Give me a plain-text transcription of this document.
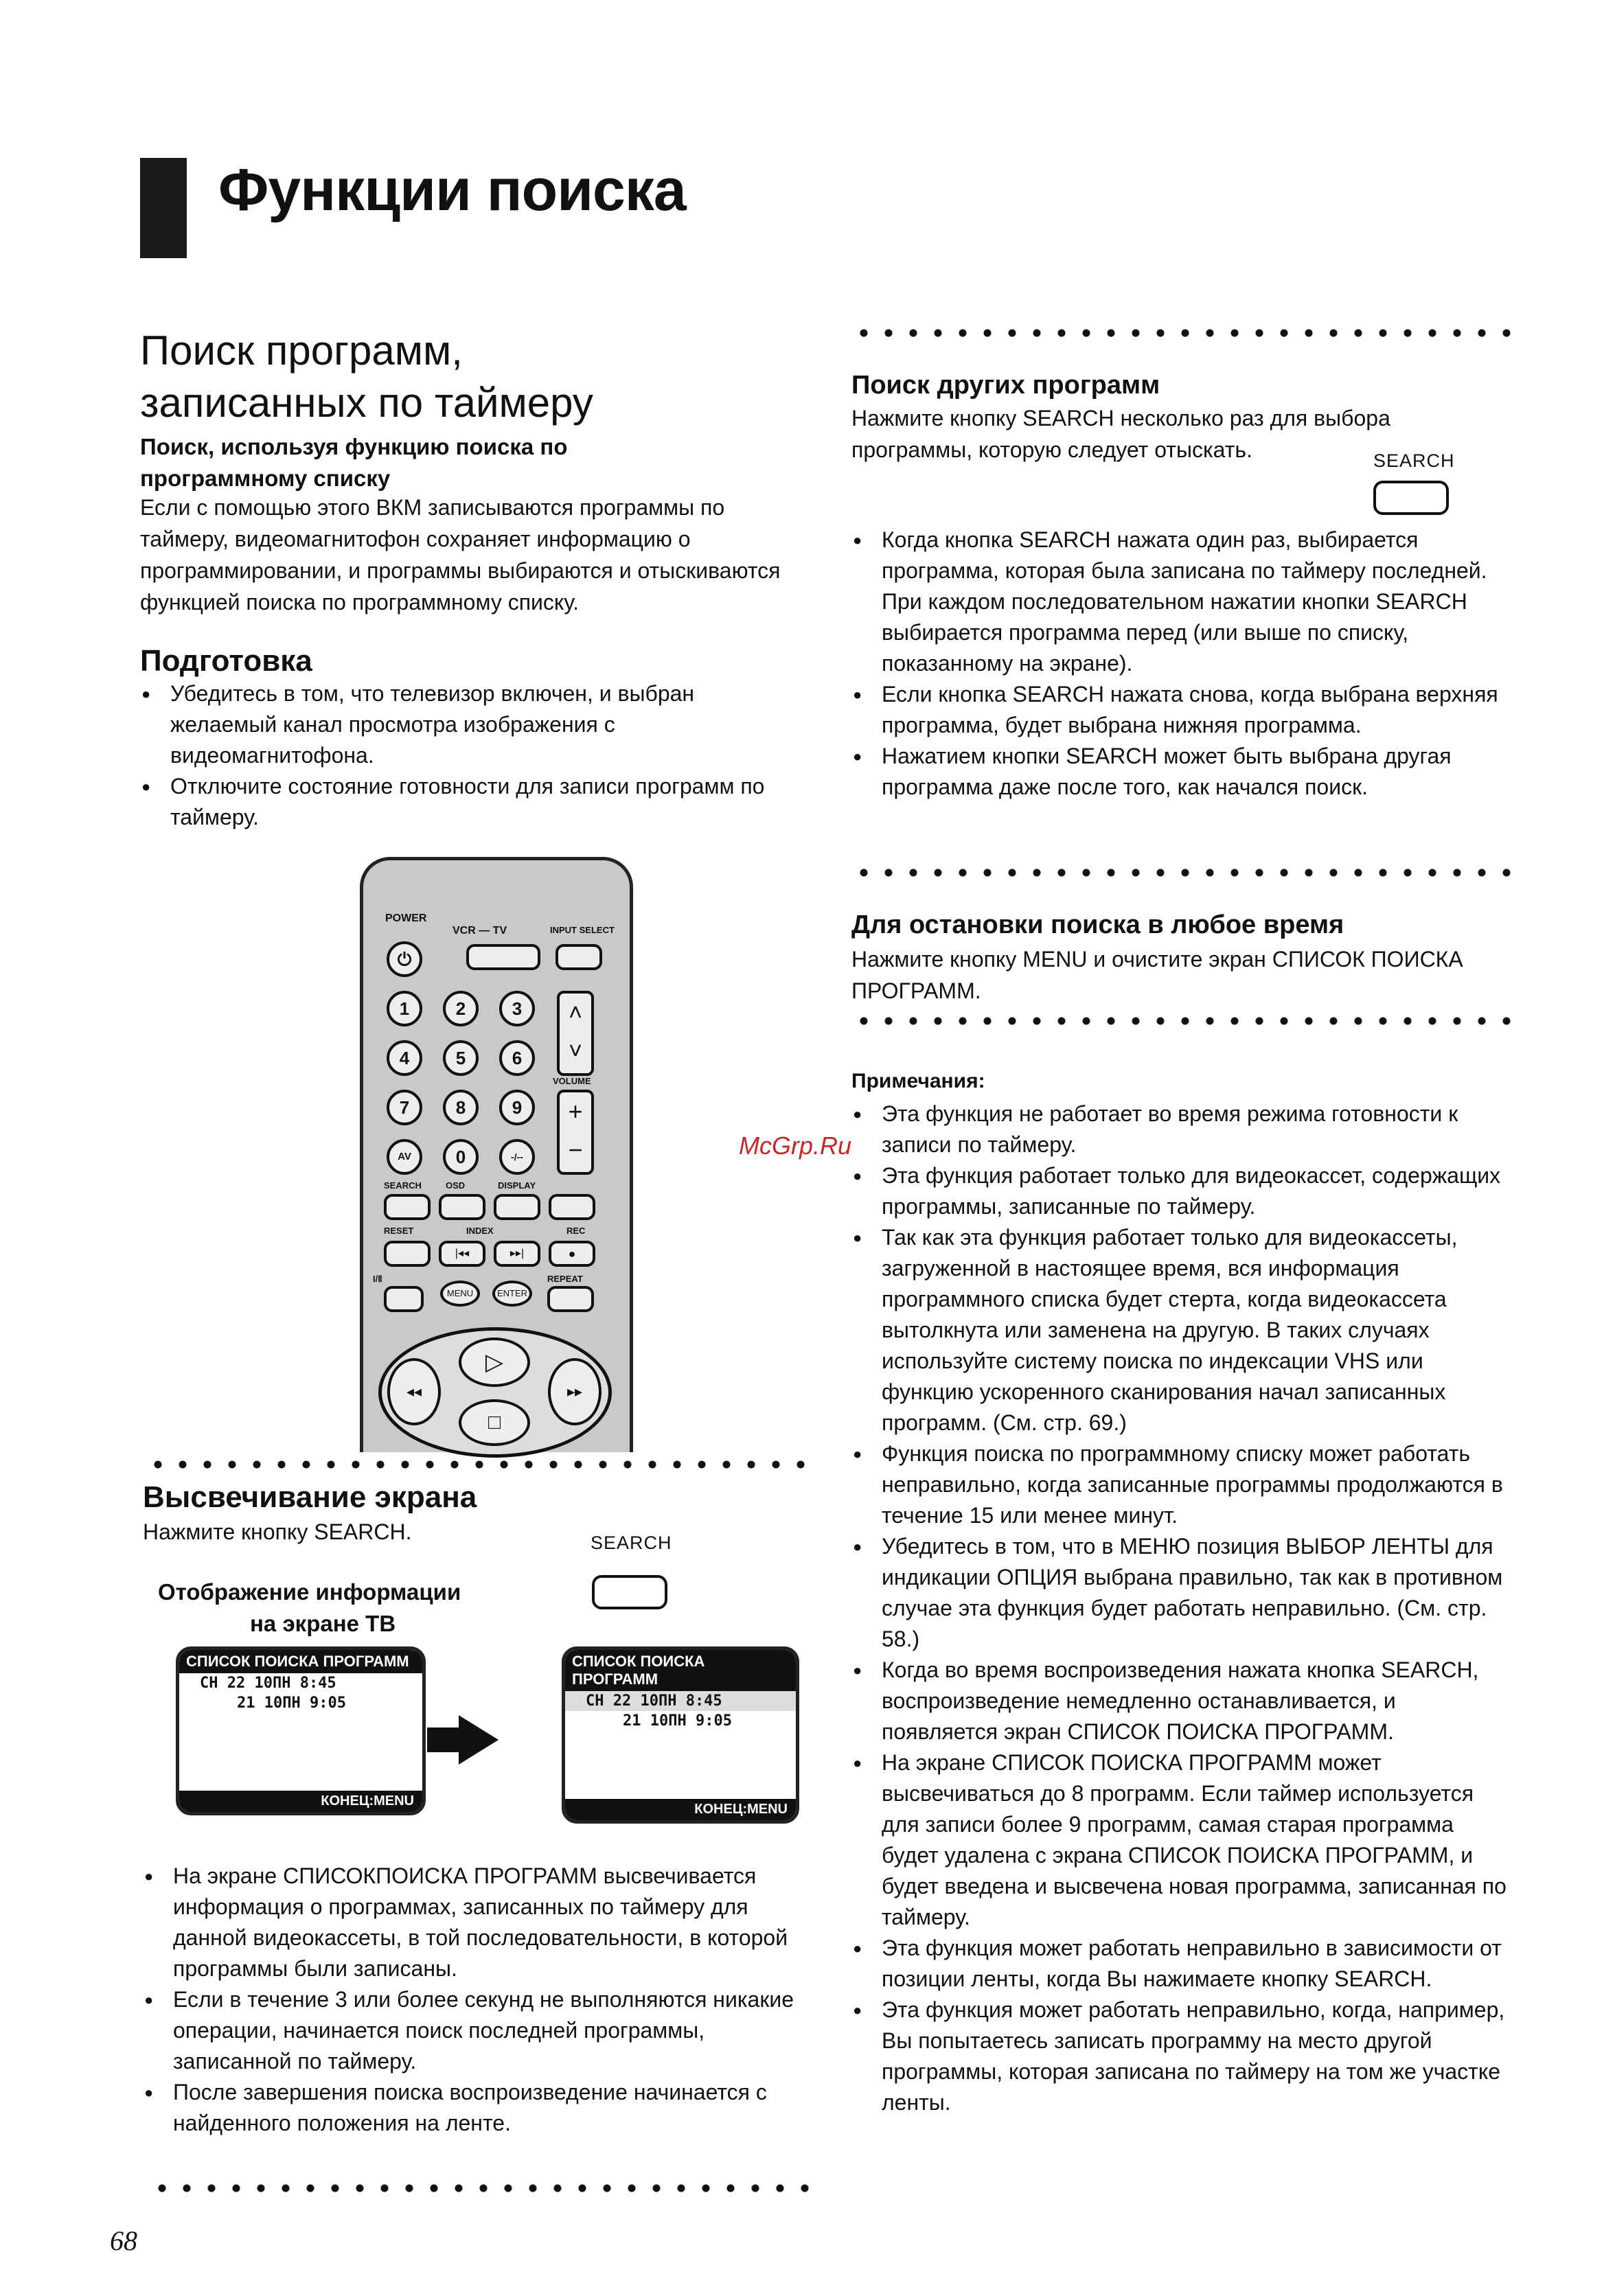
Функции поиска
Поиск программ,
записанных по таймеру
Поиск, используя функцию поиска по программному списку
Если с помощью этого ВКМ записываются программы по таймеру, видеомагнитофон сохраняет информацию о программировании, и программы выбираются и отыскиваются функцией поиска по программному списку.
Подготовка
● Убедитесь в том, что телевизор включен, и выбран желаемый канал просмотра изображения с видеомагнитофона.
● Отключите состояние готовности для записи программ по таймеру.
POWER
VCR — TV	INPUT SELECT
⏻
1	2	3
4	5	6
7	8	9
AV	0	-/--
˄
˅
VOLUME
+
−
SEARCH	OSD	DISPLAY
RESET	INDEX	REC
|◂◂	▸▸|	●
I/Ⅱ
MENU	ENTER
REPEAT
▷
□
◂◂	▸▸
Высвечивание экрана
Нажмите кнопку SEARCH.	SEARCH
Отображение информации
на экране ТВ
СПИСОК ПОИСКА ПРОГРАММ
CH 22 10ПН 8:45
21 10ПН 9:05
КОНЕЦ:MENU
СПИСОК ПОИСКА ПРОГРАММ
CH 22 10ПН 8:45
21 10ПН 9:05
КОНЕЦ:MENU
● На экране СПИСОКПОИСКА ПРОГРАММ высвечивается информация о программах, записанных по таймеру для данной видеокассеты, в той последовательности, в которой программы были записаны.
● Если в течение 3 или более секунд не выполняются никакие операции, начинается поиск последней программы, записанной по таймеру.
● После завершения поиска воспроизведение начинается с найденного положения на ленте.
Поиск других программ
Нажмите кнопку SEARCH несколько раз для выбора программы, которую следует отыскать.	SEARCH
● Когда кнопка SEARCH нажата один раз, выбирается программа, которая была записана по таймеру последней. При каждом последовательном нажатии кнопки SEARCH выбирается программа перед (или выше по списку, показанному на экране).
● Если кнопка SEARCH нажата снова, когда выбрана верхняя программа, будет выбрана нижняя программа.
● Нажатием кнопки SEARCH может быть выбрана другая программа даже после того, как начался поиск.
Для остановки поиска в любое время
Нажмите кнопку MENU и очистите экран СПИСОК ПОИСКА ПРОГРАММ.
Примечания:
● Эта функция не работает во время режима готовности к записи по таймеру.
● Эта функция работает только для видеокассет, содержащих программы, записанные по таймеру.
● Так как эта функция работает только для видеокассеты, загруженной в настоящее время, вся информация программного списка будет стерта, когда видеокассета вытолкнута или заменена на другую. В таких случаях используйте систему поиска по индексации VHS или функцию ускоренного сканирования начал записанных программ. (См. стр. 69.)
● Функция поиска по программному списку может работать неправильно, когда записанные программы продолжаются в течение 15 или менее минут.
● Убедитесь в том, что в МЕНЮ позиция ВЫБОР ЛЕНТЫ для индикации ОПЦИЯ выбрана правильно, так как в противном случае эта функция будет работать неправильно. (См. стр. 58.)
● Когда во время воспроизведения нажата кнопка SEARCH, воспроизведение немедленно останавливается, и появляется экран СПИСОК ПОИСКА ПРОГРАММ.
● На экране СПИСОК ПОИСКА ПРОГРАММ может высвечиваться до 8 программ. Если таймер используется для записи более 9 программ, самая старая программа будет удалена с экрана СПИСОК ПОИСКА ПРОГРАММ, и будет введена и высвечена новая программа, записанная по таймеру.
● Эта функция может работать неправильно в зависимости от позиции ленты, когда Вы нажимаете кнопку SEARCH.
● Эта функция может работать неправильно, когда, например, Вы попытаетесь записать программу на место другой программы, которая записана по таймеру на том же участке ленты.
McGrp.Ru
68
